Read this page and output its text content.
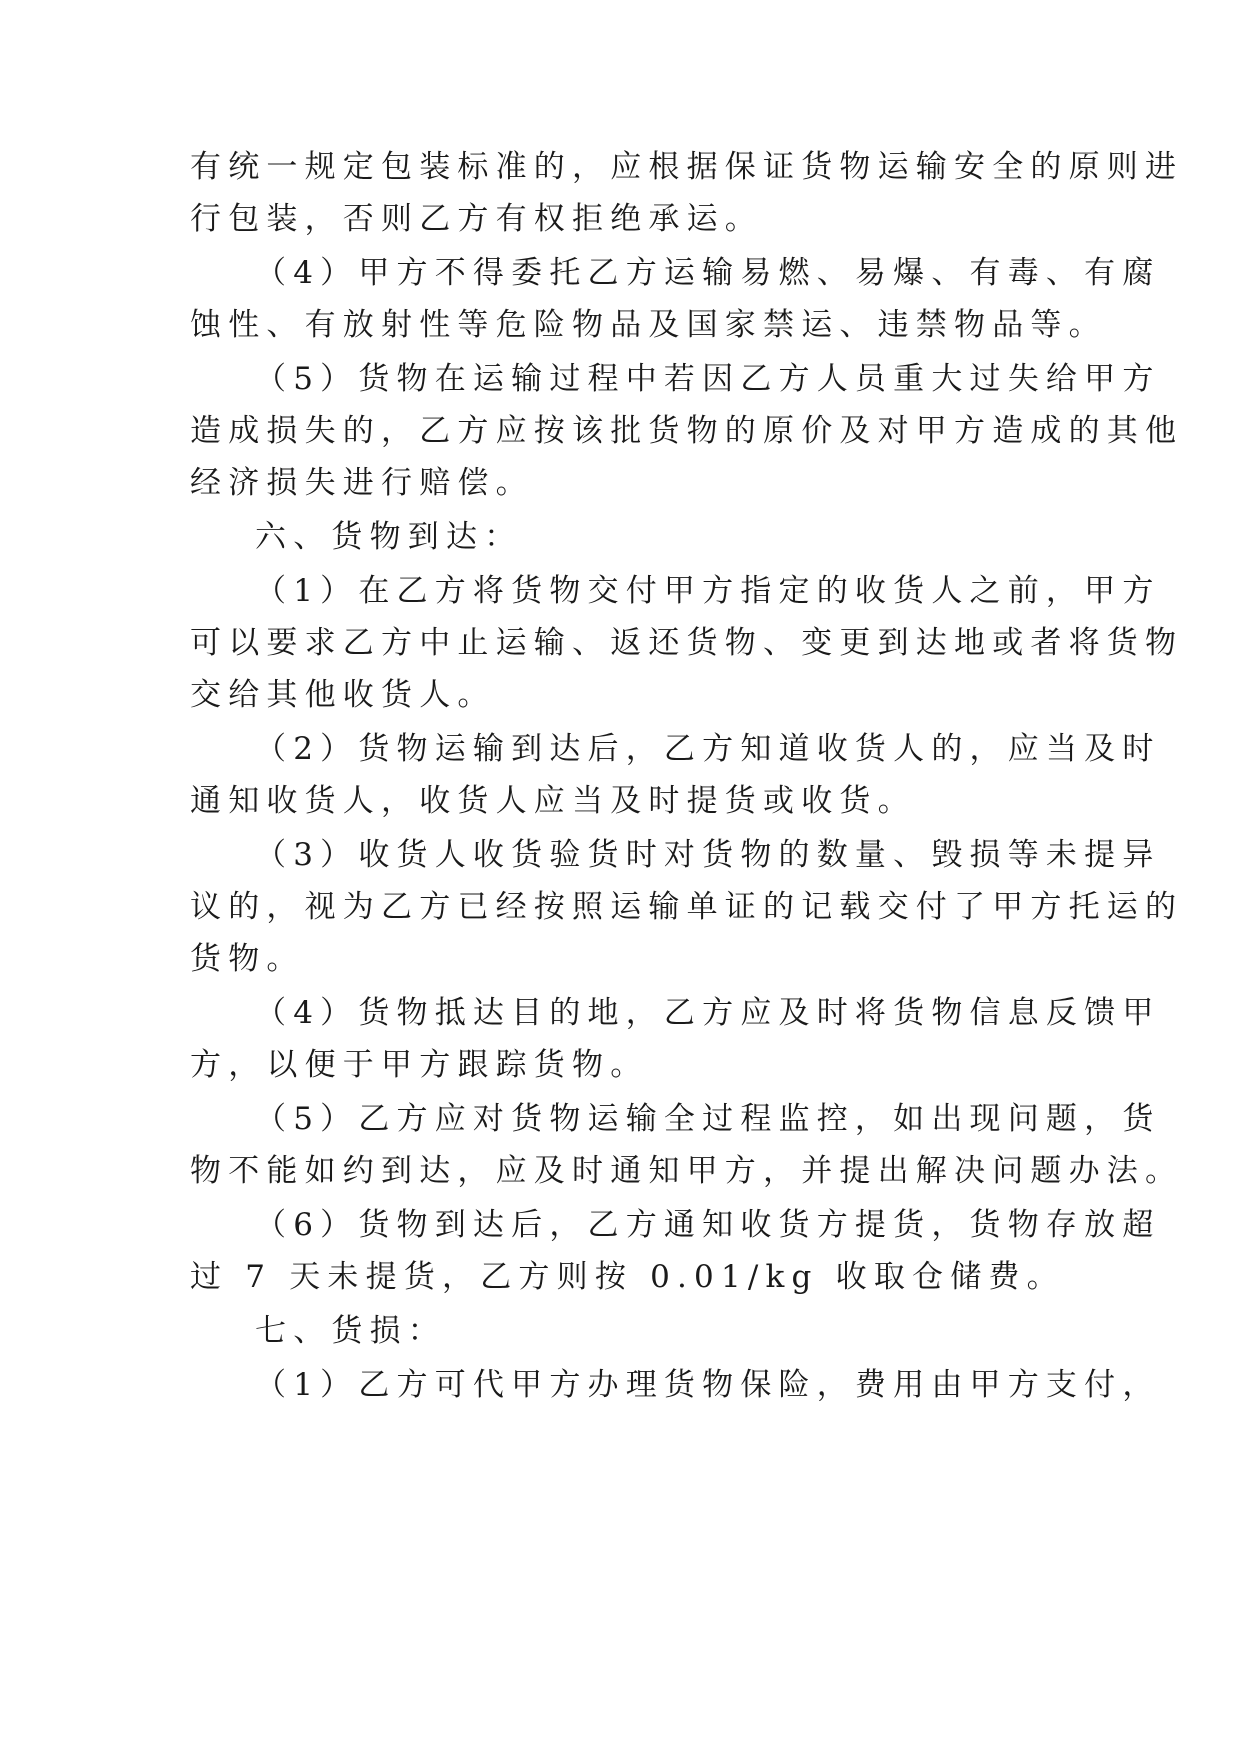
有统一规定包装标准的，应根据保证货物运输安全的原则进
行包装，否则乙方有权拒绝承运。
（4）甲方不得委托乙方运输易燃、易爆、有毒、有腐
蚀性、有放射性等危险物品及国家禁运、违禁物品等。
（5）货物在运输过程中若因乙方人员重大过失给甲方
造成损失的，乙方应按该批货物的原价及对甲方造成的其他
经济损失进行赔偿。
六、货物到达：
（1）在乙方将货物交付甲方指定的收货人之前，甲方
可以要求乙方中止运输、返还货物、变更到达地或者将货物
交给其他收货人。
（2）货物运输到达后，乙方知道收货人的，应当及时
通知收货人，收货人应当及时提货或收货。
（3）收货人收货验货时对货物的数量、毁损等未提异
议的，视为乙方已经按照运输单证的记载交付了甲方托运的
货物。
（4）货物抵达目的地，乙方应及时将货物信息反馈甲
方，以便于甲方跟踪货物。
（5）乙方应对货物运输全过程监控，如出现问题，货
物不能如约到达，应及时通知甲方，并提出解决问题办法。
（6）货物到达后，乙方通知收货方提货，货物存放超
过 7 天未提货，乙方则按 0.01/kg 收取仓储费。
七、货损：
（1）乙方可代甲方办理货物保险，费用由甲方支付，
